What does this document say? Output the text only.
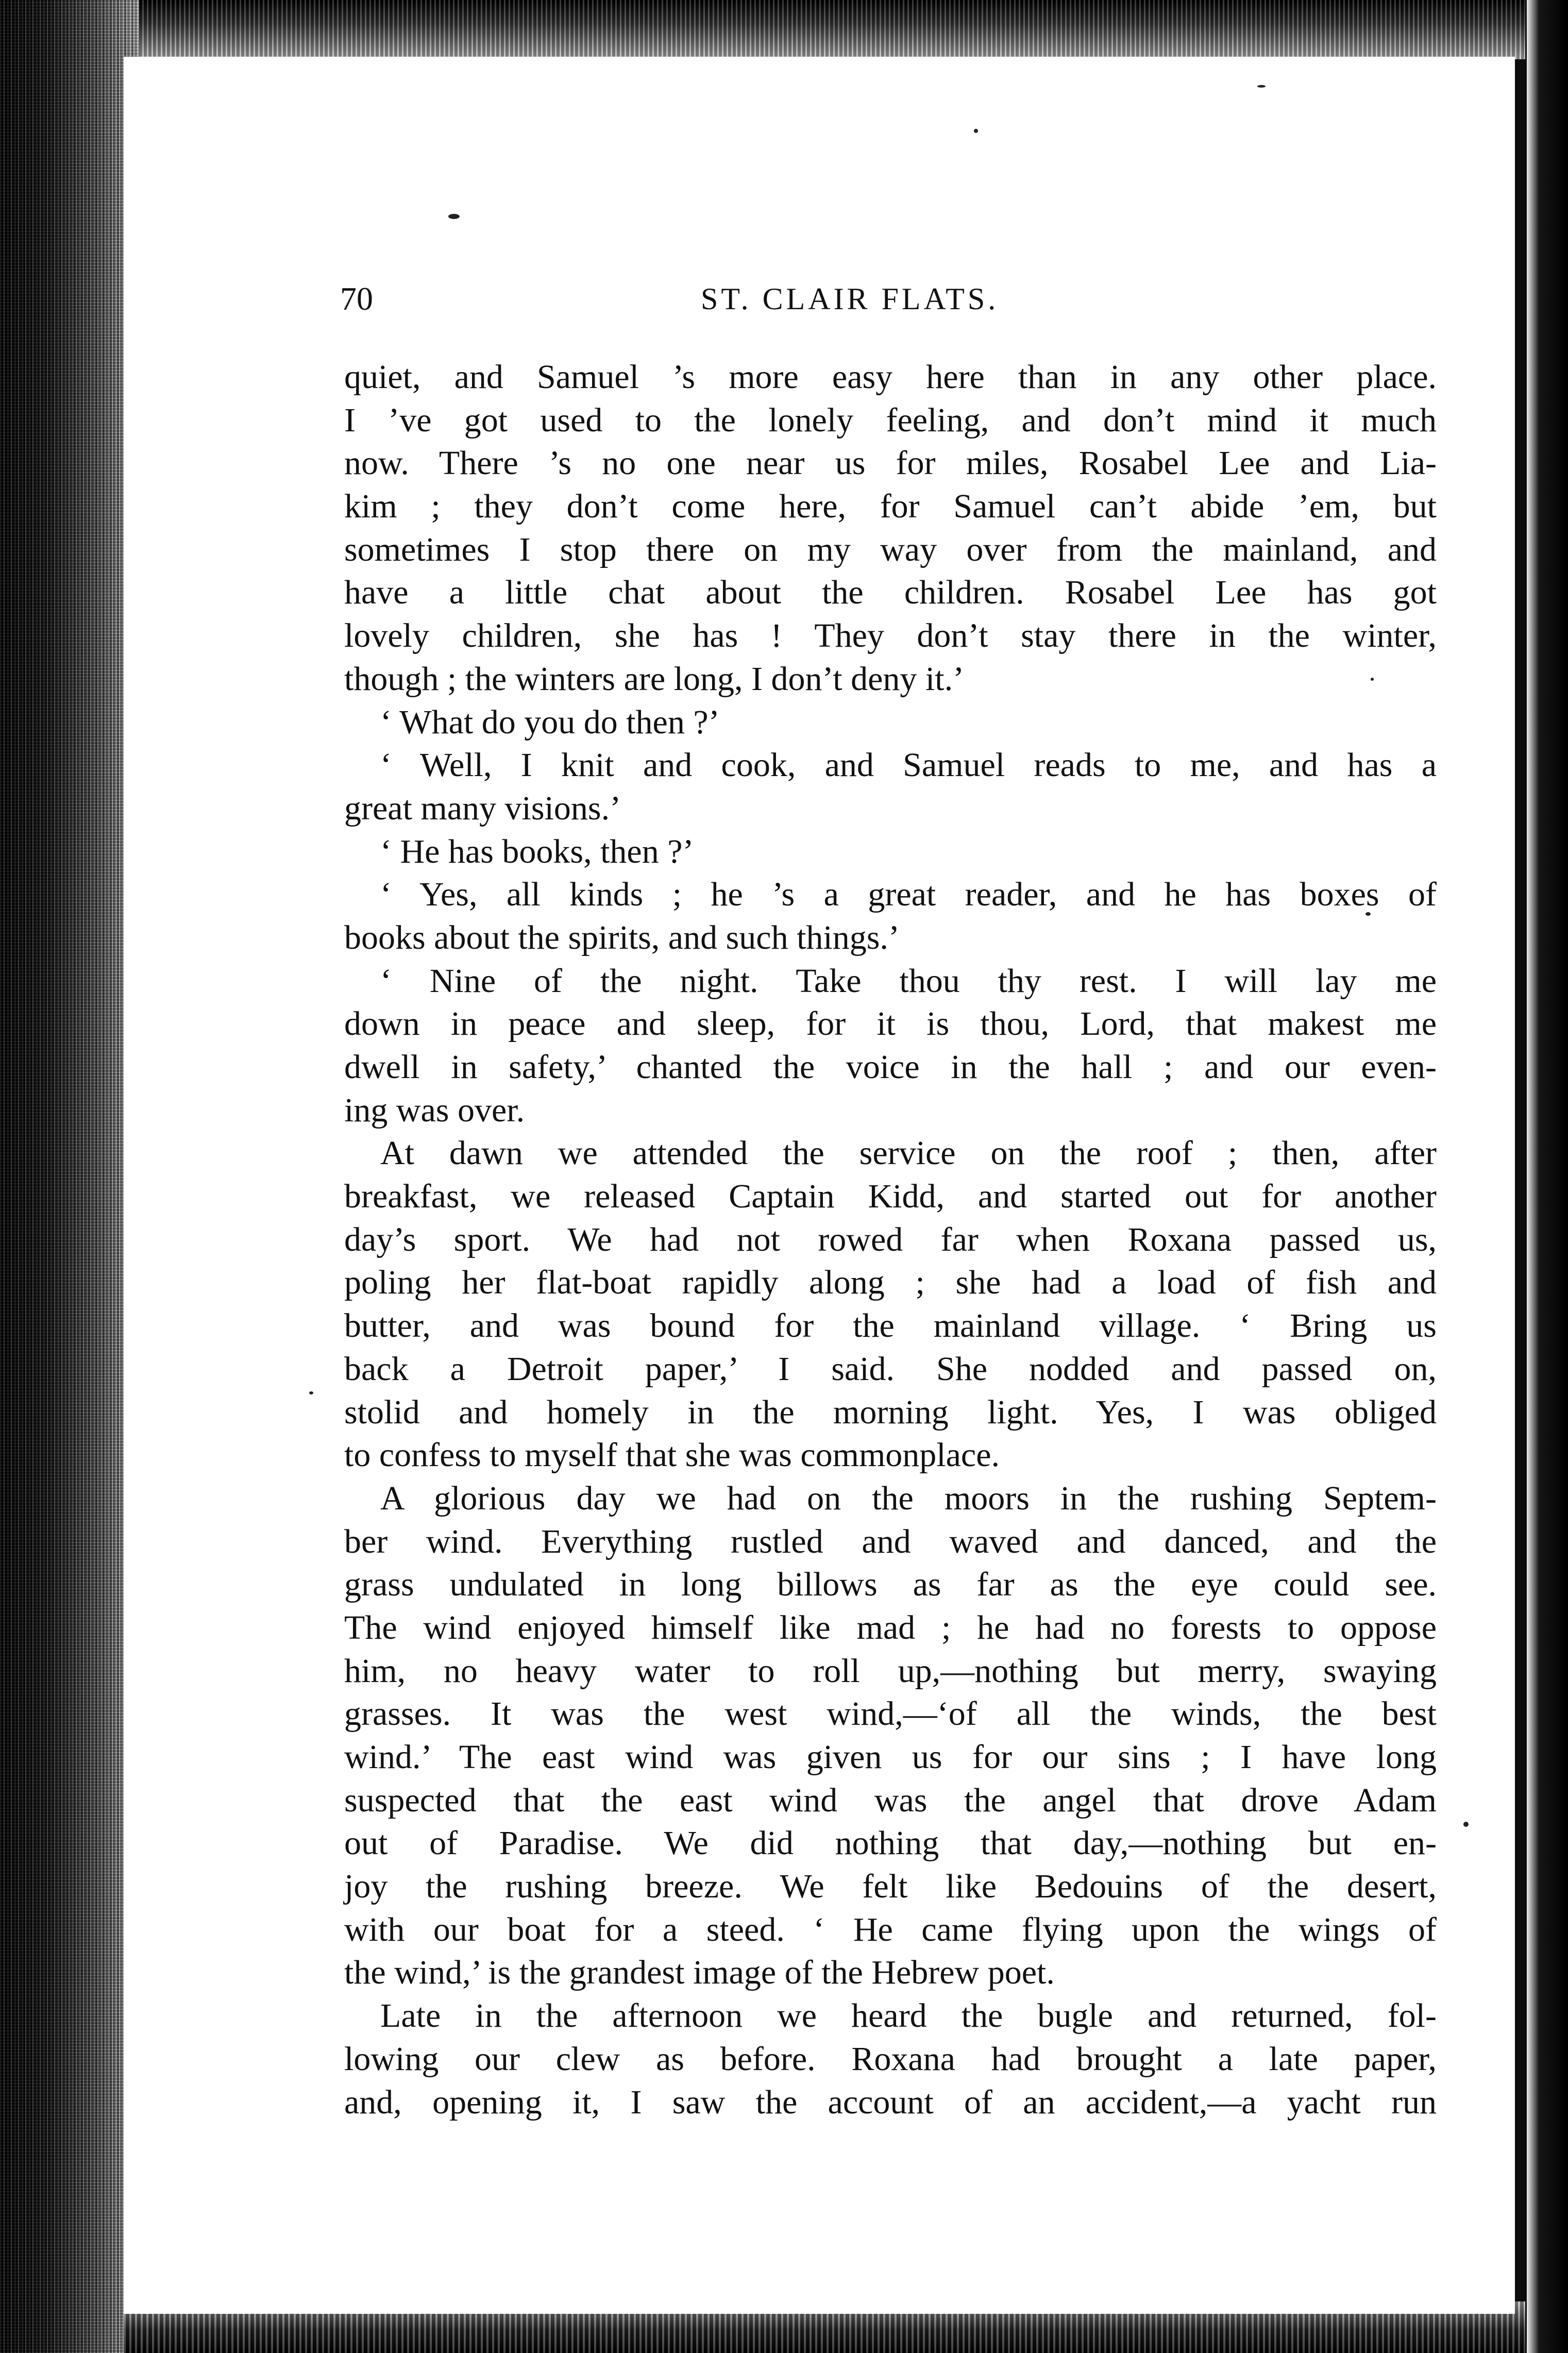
70	ST. CLAIR FLATS.
quiet, and Samuel ’s more easy here than in any other place.
I ’ve got used to the lonely feeling, and don’t mind it much
now. There ’s no one near us for miles, Rosabel Lee and Lia-
kim ; they don’t come here, for Samuel can’t abide ’em, but
sometimes I stop there on my way over from the mainland, and
have a little chat about the children. Rosabel Lee has got
lovely children, she has ! They don’t stay there in the winter,
though ; the winters are long, I don’t deny it.’
‘ What do you do then ?’
‘ Well, I knit and cook, and Samuel reads to me, and has a
great many visions.’
‘ He has books, then ?’
‘ Yes, all kinds ; he ’s a great reader, and he has boxes of
books about the spirits, and such things.’
‘ Nine of the night. Take thou thy rest. I will lay me
down in peace and sleep, for it is thou, Lord, that makest me
dwell in safety,’ chanted the voice in the hall ; and our even-
ing was over.
At dawn we attended the service on the roof ; then, after
breakfast, we released Captain Kidd, and started out for another
day’s sport. We had not rowed far when Roxana passed us,
poling her flat-boat rapidly along ; she had a load of fish and
butter, and was bound for the mainland village. ‘ Bring us
back a Detroit paper,’ I said. She nodded and passed on,
stolid and homely in the morning light. Yes, I was obliged
to confess to myself that she was commonplace.
A glorious day we had on the moors in the rushing Septem-
ber wind. Everything rustled and waved and danced, and the
grass undulated in long billows as far as the eye could see.
The wind enjoyed himself like mad ; he had no forests to oppose
him, no heavy water to roll up,—nothing but merry, swaying
grasses. It was the west wind,—‘of all the winds, the best
wind.’ The east wind was given us for our sins ; I have long
suspected that the east wind was the angel that drove Adam
out of Paradise. We did nothing that day,—nothing but en-
joy the rushing breeze. We felt like Bedouins of the desert,
with our boat for a steed. ‘ He came flying upon the wings of
the wind,’ is the grandest image of the Hebrew poet.
Late in the afternoon we heard the bugle and returned, fol-
lowing our clew as before. Roxana had brought a late paper,
and, opening it, I saw the account of an accident,—a yacht run
